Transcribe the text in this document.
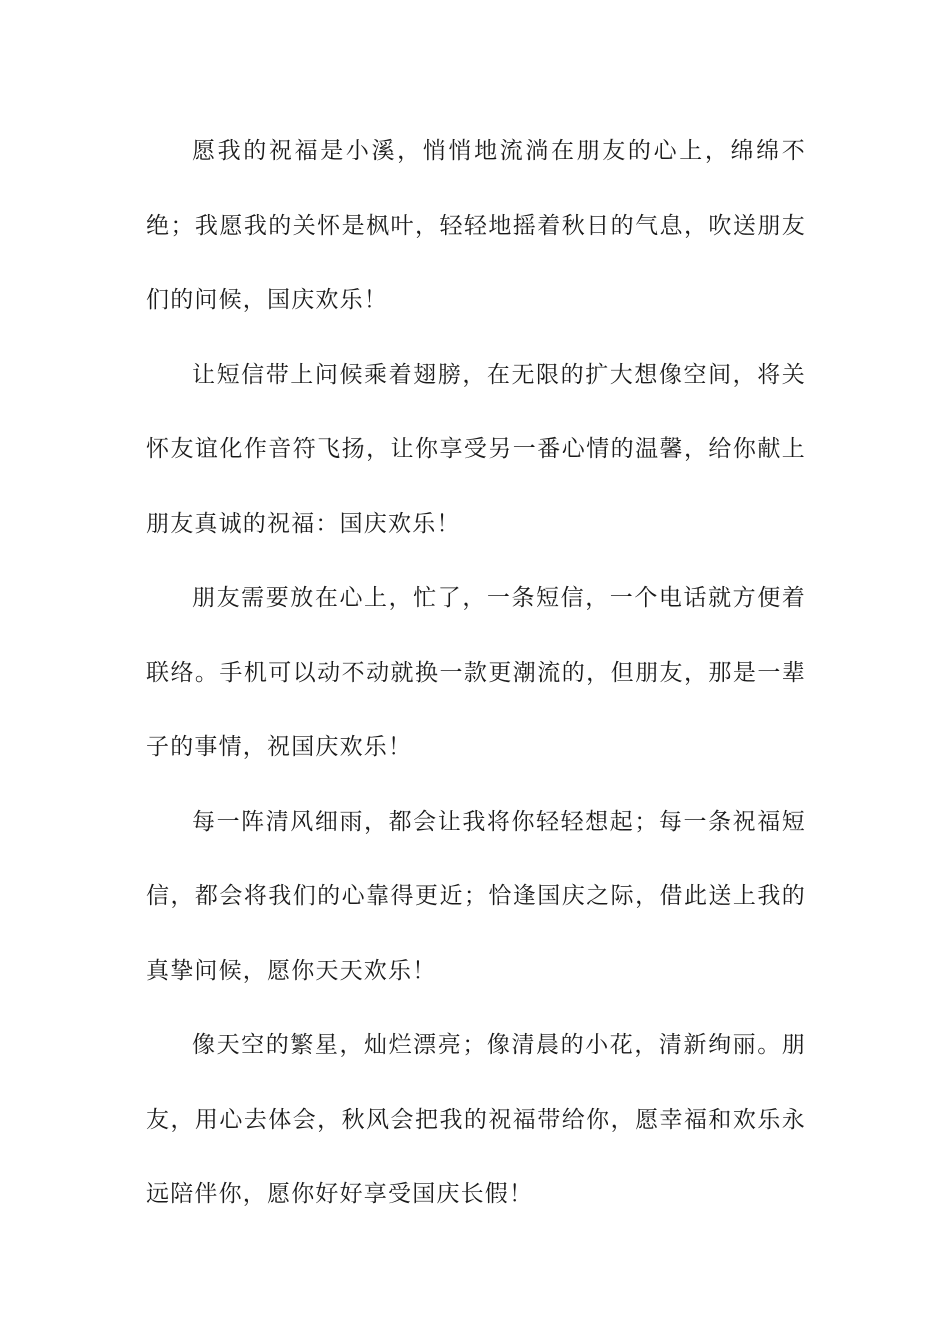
愿我的祝福是小溪，悄悄地流淌在朋友的心上，绵绵不绝；我愿我的关怀是枫叶，轻轻地摇着秋日的气息，吹送朋友们的问候，国庆欢乐！

让短信带上问候乘着翅膀，在无限的扩大想像空间，将关怀友谊化作音符飞扬，让你享受另一番心情的温馨，给你献上朋友真诚的祝福：国庆欢乐！

朋友需要放在心上，忙了，一条短信，一个电话就方便着联络。手机可以动不动就换一款更潮流的，但朋友，那是一辈子的事情，祝国庆欢乐！

每一阵清风细雨，都会让我将你轻轻想起；每一条祝福短信，都会将我们的心靠得更近；恰逢国庆之际，借此送上我的真挚问候，愿你天天欢乐！

像天空的繁星，灿烂漂亮；像清晨的小花，清新绚丽。朋友，用心去体会，秋风会把我的祝福带给你，愿幸福和欢乐永远陪伴你，愿你好好享受国庆长假！
